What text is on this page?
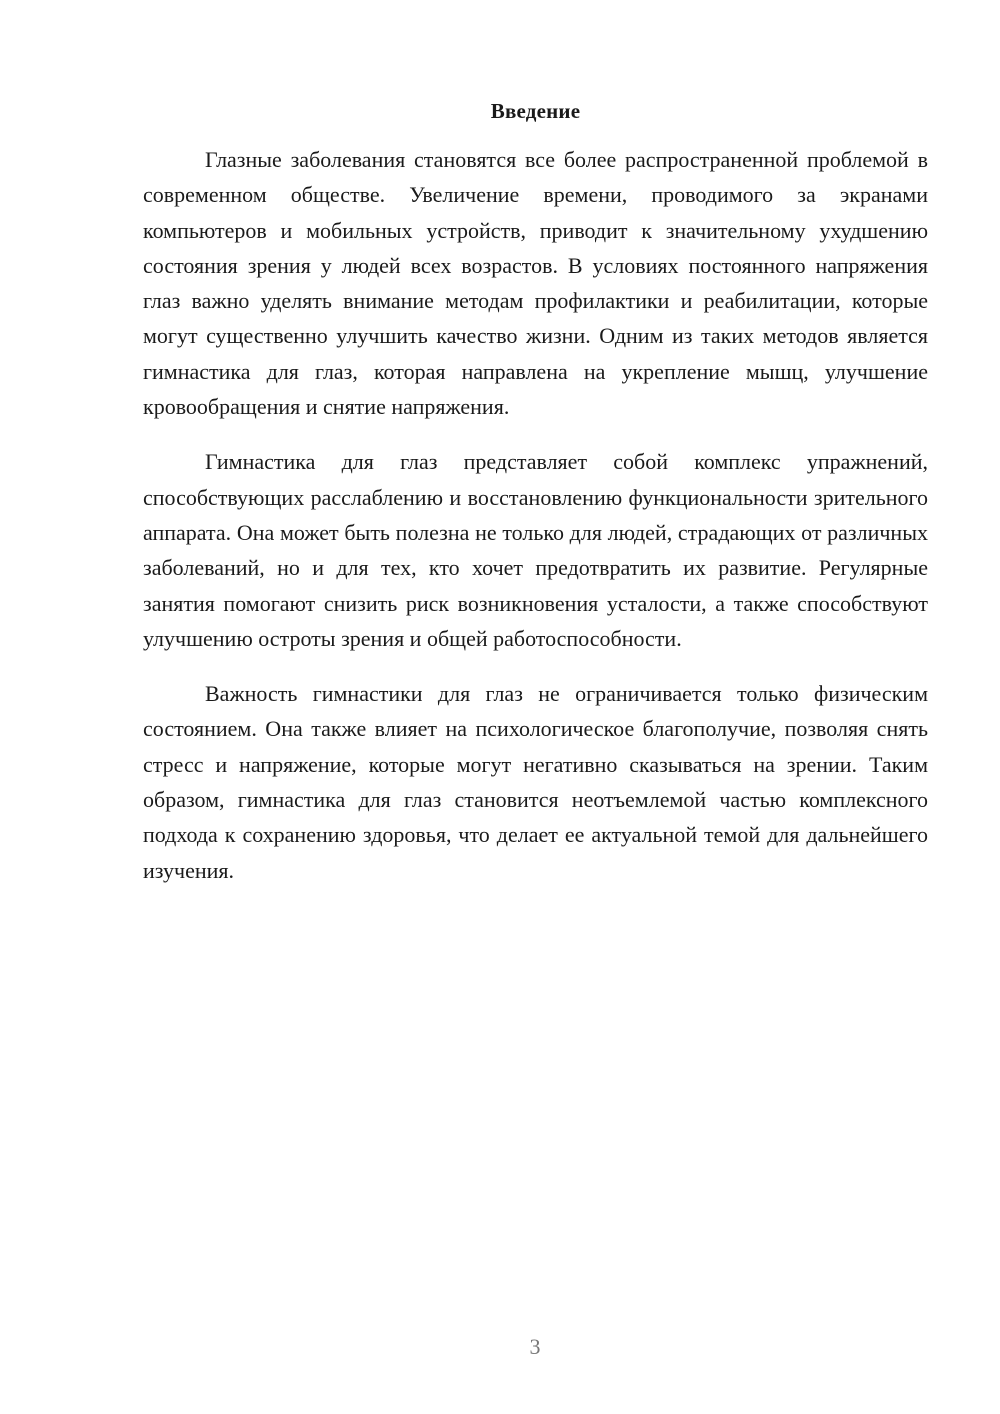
Введение

Глазные заболевания становятся все более распространенной проблемой в современном обществе. Увеличение времени, проводимого за экранами компьютеров и мобильных устройств, приводит к значительному ухудшению состояния зрения у людей всех возрастов. В условиях постоянного напряжения глаз важно уделять внимание методам профилактики и реабилитации, которые могут существенно улучшить качество жизни. Одним из таких методов является гимнастика для глаз, которая направлена на укрепление мышц, улучшение кровообращения и снятие напряжения.

Гимнастика для глаз представляет собой комплекс упражнений, способствующих расслаблению и восстановлению функциональности зрительного аппарата. Она может быть полезна не только для людей, страдающих от различных заболеваний, но и для тех, кто хочет предотвратить их развитие. Регулярные занятия помогают снизить риск возникновения усталости, а также способствуют улучшению остроты зрения и общей работоспособности.

Важность гимнастики для глаз не ограничивается только физическим состоянием. Она также влияет на психологическое благополучие, позволяя снять стресс и напряжение, которые могут негативно сказываться на зрении. Таким образом, гимнастика для глаз становится неотъемлемой частью комплексного подхода к сохранению здоровья, что делает ее актуальной темой для дальнейшего изучения.

3
